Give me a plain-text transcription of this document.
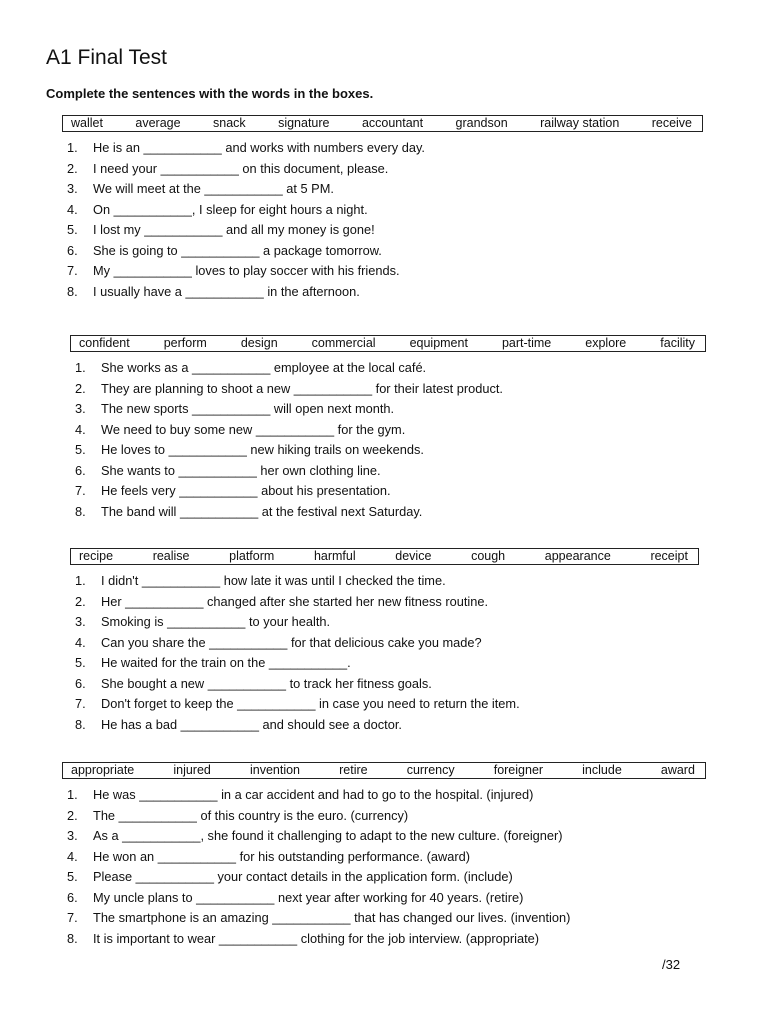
A1 Final Test
Complete the sentences with the words in the boxes.
wallet	average	snack	signature	accountant	grandson	railway station	receive
1.	He is an ___________ and works with numbers every day.
2.	I need your ___________ on this document, please.
3.	We will meet at the ___________ at 5 PM.
4.	On ___________, I sleep for eight hours a night.
5.	I lost my ___________ and all my money is gone!
6.	She is going to ___________ a package tomorrow.
7.	My ___________ loves to play soccer with his friends.
8.	I usually have a ___________ in the afternoon.
confident	perform	design	commercial	equipment	part-time	explore	facility
1.	She works as a ___________ employee at the local café.
2.	They are planning to shoot a new ___________ for their latest product.
3.	The new sports ___________ will open next month.
4.	We need to buy some new ___________ for the gym.
5.	He loves to ___________ new hiking trails on weekends.
6.	She wants to ___________ her own clothing line.
7.	He feels very ___________ about his presentation.
8.	The band will ___________ at the festival next Saturday.
recipe	realise	platform	harmful	device	cough	appearance	receipt
1.	I didn't ___________ how late it was until I checked the time.
2.	Her ___________ changed after she started her new fitness routine.
3.	Smoking is ___________ to your health.
4.	Can you share the ___________ for that delicious cake you made?
5.	He waited for the train on the ___________.
6.	She bought a new ___________ to track her fitness goals.
7.	Don't forget to keep the ___________ in case you need to return the item.
8.	He has a bad ___________ and should see a doctor.
appropriate	injured	invention	retire	currency	foreigner	include	award
1.	He was ___________ in a car accident and had to go to the hospital. (injured)
2.	The ___________ of this country is the euro. (currency)
3.	As a ___________, she found it challenging to adapt to the new culture. (foreigner)
4.	He won an ___________ for his outstanding performance. (award)
5.	Please ___________ your contact details in the application form. (include)
6.	My uncle plans to ___________ next year after working for 40 years. (retire)
7.	The smartphone is an amazing ___________ that has changed our lives. (invention)
8.	It is important to wear ___________ clothing for the job interview. (appropriate)
/32
